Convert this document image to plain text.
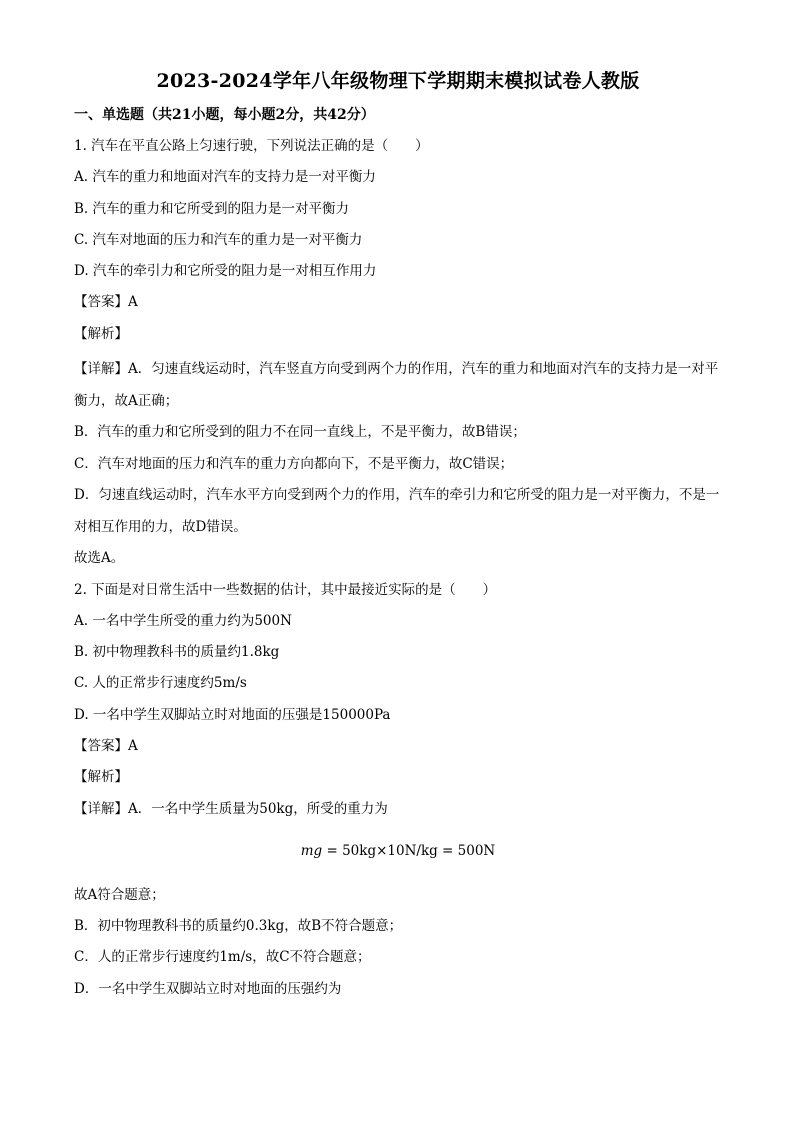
2023-2024学年八年级物理下学期期末模拟试卷人教版
一、单选题（共21小题，每小题2分，共42分）
1. 汽车在平直公路上匀速行驶，下列说法正确的是（　　）
A. 汽车的重力和地面对汽车的支持力是一对平衡力
B. 汽车的重力和它所受到的阻力是一对平衡力
C. 汽车对地面的压力和汽车的重力是一对平衡力
D. 汽车的牵引力和它所受的阻力是一对相互作用力
【答案】A
【解析】
【详解】A．匀速直线运动时，汽车竖直方向受到两个力的作用，汽车的重力和地面对汽车的支持力是一对平衡力，故A正确；
B．汽车的重力和它所受到的阻力不在同一直线上，不是平衡力，故B错误；
C．汽车对地面的压力和汽车的重力方向都向下，不是平衡力，故C错误；
D．匀速直线运动时，汽车水平方向受到两个力的作用，汽车的牵引力和它所受的阻力是一对平衡力，不是一对相互作用的力，故D错误。
故选A。
2. 下面是对日常生活中一些数据的估计，其中最接近实际的是（　　）
A. 一名中学生所受的重力约为500N
B. 初中物理教科书的质量约1.8kg
C. 人的正常步行速度约5m/s
D. 一名中学生双脚站立时对地面的压强是150000Pa
【答案】A
【解析】
【详解】A．一名中学生质量为50kg，所受的重力为
mg = 50kg×10N/kg = 500N
故A符合题意；
B．初中物理教科书的质量约0.3kg，故B不符合题意；
C．人的正常步行速度约1m/s，故C不符合题意；
D．一名中学生双脚站立时对地面的压强约为
